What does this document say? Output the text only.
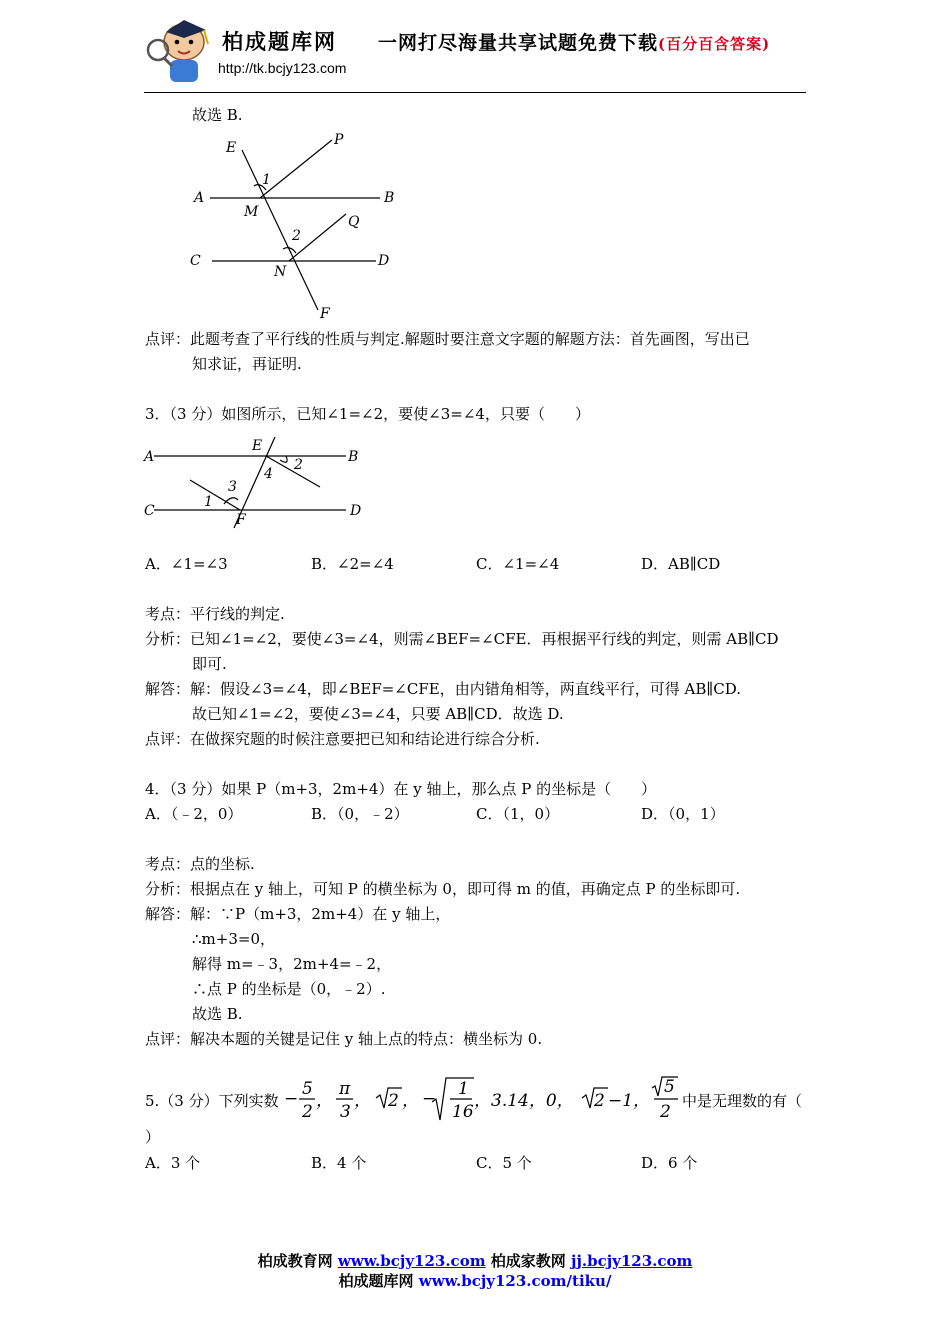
柏成题库网 一网打尽海量共享试题免费下载(百分百含答案)
http://tk.bcjy123.com
故选 B.
E	P
1
A
M
B
Q
2
C
N
D
F
点评：此题考查了平行线的性质与判定.解题时要注意文字题的解题方法：首先画图，写出已
知求证，再证明.
3．（3 分）如图所示，已知∠1=∠2，要使∠3=∠4，只要（　　）
A
E
B
2
4
3
1
C
F
D
A．∠1=∠3	B．∠2=∠4	C．∠1=∠4	D．AB∥CD
考点：平行线的判定.
分析：已知∠1=∠2，要使∠3=∠4，则需∠BEF=∠CFE．再根据平行线的判定，则需 AB∥CD
即可.
解答：解：假设∠3=∠4，即∠BEF=∠CFE，由内错角相等，两直线平行，可得 AB∥CD.
故已知∠1=∠2，要使∠3=∠4，只要 AB∥CD．故选 D.
点评：在做探究题的时候注意要把已知和结论进行综合分析.
4．（3 分）如果 P（m+3，2m+4）在 y 轴上，那么点 P 的坐标是（　　）
A．（﹣2，0）	B．（0，﹣2）	C．（1，0）	D．（0，1）
考点：点的坐标.
分析：根据点在 y 轴上，可知 P 的横坐标为 0，即可得 m 的值，再确定点 P 的坐标即可.
解答：解：∵P（m+3，2m+4）在 y 轴上，
∴m+3=0，
解得 m=﹣3，2m+4=﹣2，
∴点 P 的坐标是（0，﹣2）.
故选 B.
点评：解决本题的关键是记住 y 轴上点的特点：横坐标为 0.
5.（3 分）下列实数 − 5
2
，
π
3
， 2 ， − 1
16
，3.14，0， 2 −1，
5
2
中是无理数的有（
）
A．3 个	B．4 个	C．5 个	D．6 个
柏成教育网 www.bcjy123.com 柏成家教网 jj.bcjy123.com
柏成题库网 www.bcjy123.com/tiku/
